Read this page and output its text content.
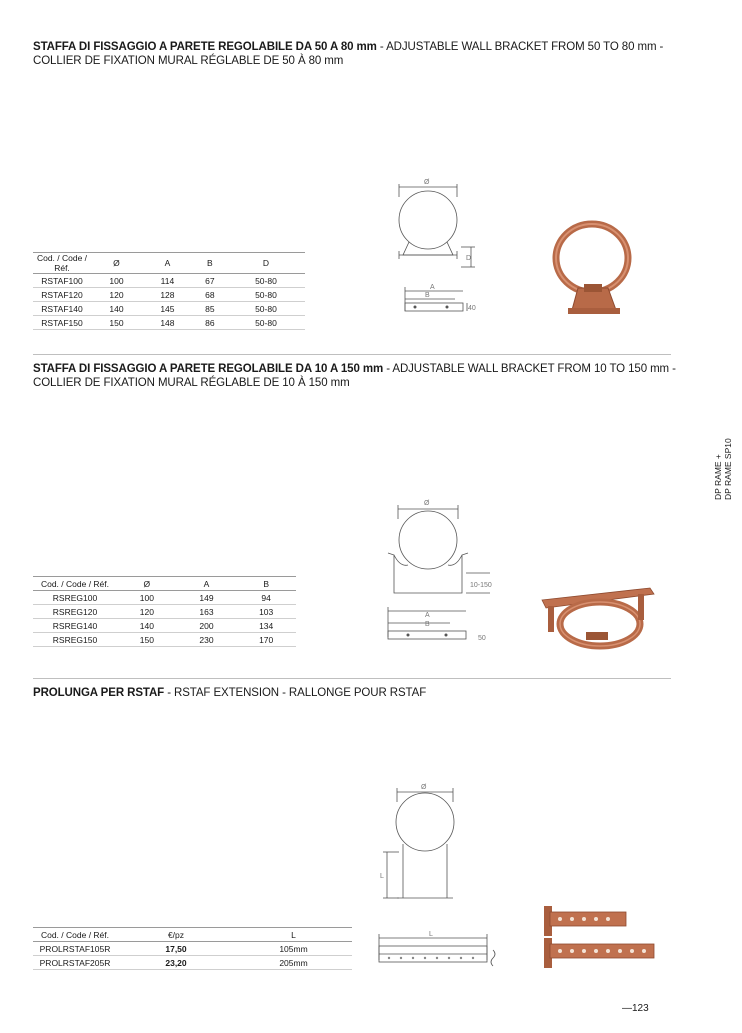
STAFFA DI FISSAGGIO A PARETE REGOLABILE DA 50 A 80 mm - ADJUSTABLE WALL BRACKET FROM 50 TO 80 mm -
COLLIER DE FIXATION MURAL RÉGLABLE DE 50 À 80 mm
Cod. / Code / Réf.	Ø	A	B	D
RSTAF100	100	114	67	50-80
RSTAF120	120	128	68	50-80
RSTAF140	140	145	85	50-80
RSTAF150	150	148	86	50-80
Ø
D
A
B
40
STAFFA DI FISSAGGIO A PARETE REGOLABILE DA 10 A 150 mm - ADJUSTABLE WALL BRACKET FROM 10 TO 150 mm -
COLLIER DE FIXATION MURAL RÉGLABLE DE 10 À 150 mm
Cod. / Code / Réf.	Ø	A	B
RSREG100	100	149	94
RSREG120	120	163	103
RSREG140	140	200	134
RSREG150	150	230	170
Ø
10-150
A
B
50
PROLUNGA PER RSTAF - RSTAF EXTENSION - RALLONGE POUR RSTAF
Cod. / Code / Réf.	€/pz	L
PROLRSTAF105R	17,50	105mm
PROLRSTAF205R	23,20	205mm
Ø
L
L
DP RAME + DP RAME SP10
—123
